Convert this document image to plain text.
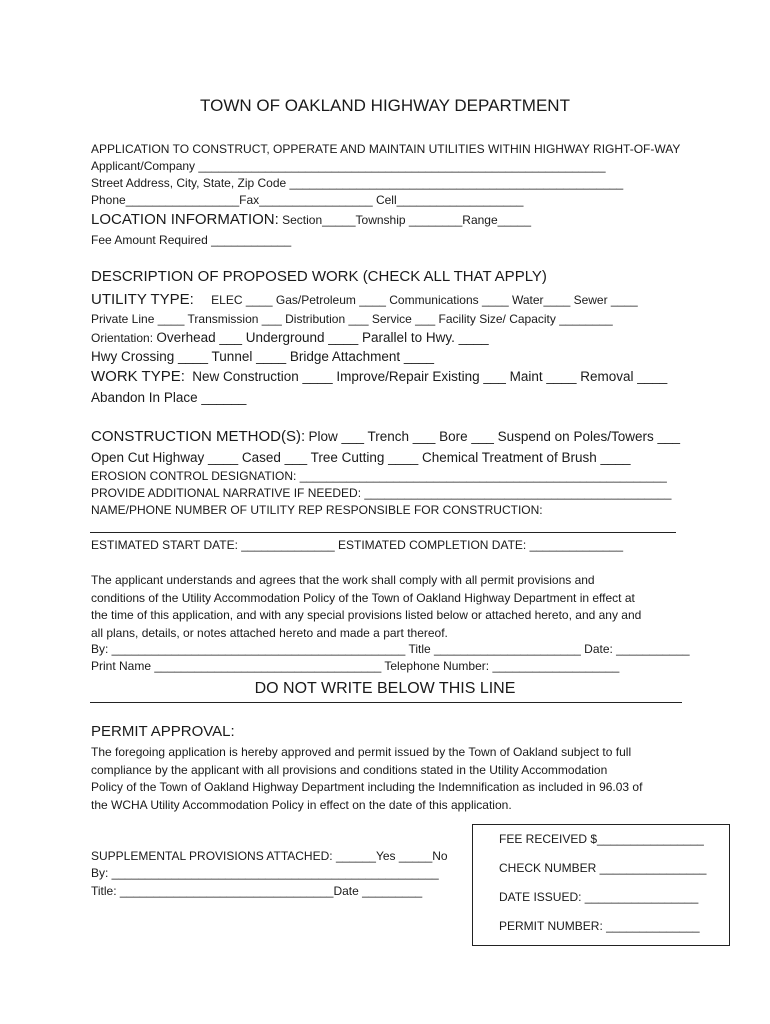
TOWN OF OAKLAND HIGHWAY DEPARTMENT
APPLICATION TO CONSTRUCT, OPPERATE AND MAINTAIN UTILITIES WITHIN HIGHWAY RIGHT-OF-WAY
Applicant/Company _____________________________________________________________
Street Address, City, State, Zip Code __________________________________________________
Phone_________________Fax_________________ Cell___________________
LOCATION INFORMATION: Section_____Township ________Range_____
Fee Amount Required ____________
DESCRIPTION OF PROPOSED WORK (CHECK ALL THAT APPLY)
UTILITY TYPE: ELEC ____ Gas/Petroleum ____ Communications ____ Water____ Sewer ____
Private Line ____ Transmission ___ Distribution ___ Service ___ Facility Size/ Capacity ________
Orientation: Overhead ___ Underground ____ Parallel to Hwy. ____
Hwy Crossing ____ Tunnel ____ Bridge Attachment ____
WORK TYPE: New Construction ____ Improve/Repair Existing ___ Maint ____ Removal ____
Abandon In Place ______
CONSTRUCTION METHOD(S): Plow ___ Trench ___ Bore ___ Suspend on Poles/Towers ___
Open Cut Highway ____ Cased ___ Tree Cutting ____ Chemical Treatment of Brush ____
EROSION CONTROL DESIGNATION: _______________________________________________________
PROVIDE ADDITIONAL NARRATIVE IF NEEDED: ______________________________________________
NAME/PHONE NUMBER OF UTILITY REP RESPONSIBLE FOR CONSTRUCTION:
ESTIMATED START DATE: ______________ ESTIMATED COMPLETION DATE: ______________
The applicant understands and agrees that the work shall comply with all permit provisions and
conditions of the Utility Accommodation Policy of the Town of Oakland Highway Department in effect at
the time of this application, and with any special provisions listed below or attached hereto, and any and
all plans, details, or notes attached hereto and made a part thereof.
By: ____________________________________________ Title ______________________ Date: ___________
Print Name __________________________________ Telephone Number: ___________________
DO NOT WRITE BELOW THIS LINE
PERMIT APPROVAL:
The foregoing application is hereby approved and permit issued by the Town of Oakland subject to full
compliance by the applicant with all provisions and conditions stated in the Utility Accommodation
Policy of the Town of Oakland Highway Department including the Indemnification as included in 96.03 of
the WCHA Utility Accommodation Policy in effect on the date of this application.
SUPPLEMENTAL PROVISIONS ATTACHED: ______Yes _____No
By: _________________________________________________
Title: ________________________________Date _________
FEE RECEIVED $________________
CHECK NUMBER ________________
DATE ISSUED: _________________
PERMIT NUMBER: ______________
